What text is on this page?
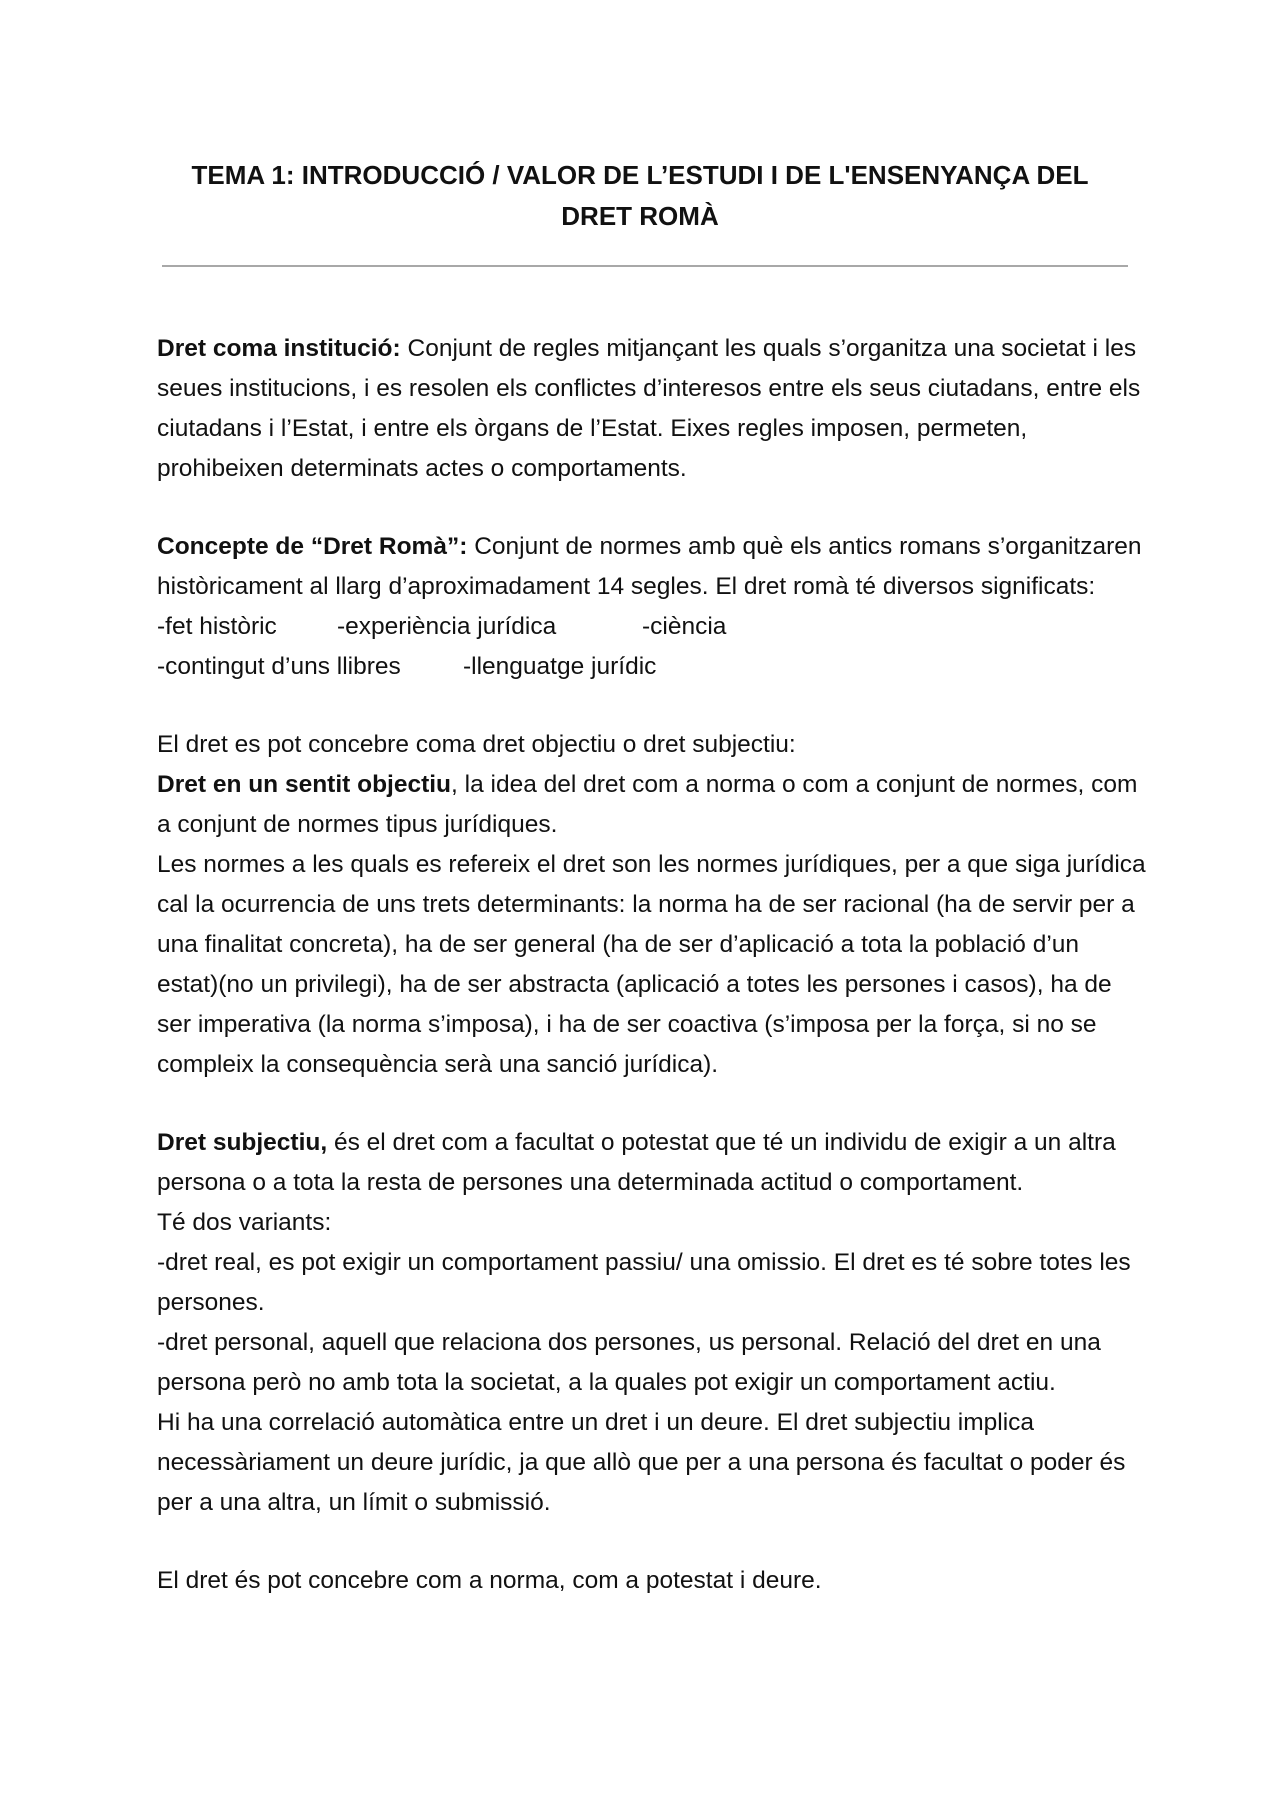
TEMA 1: INTRODUCCIÓ / VALOR DE L’ESTUDI I DE L'ENSENYANÇA DEL DRET ROMÀ

Dret coma institució: Conjunt de regles mitjançant les quals s’organitza una societat i les seues institucions, i es resolen els conflictes d’interesos entre els seus ciutadans, entre els ciutadans i l’Estat, i entre els òrgans de l’Estat. Eixes regles imposen, permeten, prohibeixen determinats actes o comportaments.

Concepte de “Dret Romà”: Conjunt de normes amb què els antics romans s’organitzaren històricament al llarg d’aproximadament 14 segles. El dret romà té diversos significats:

-fet històric -experiència jurídica	-ciència
-contingut d’uns llibres	-llenguatge jurídic

El dret es pot concebre coma dret objectiu o dret subjectiu:

Dret en un sentit objectiu, la idea del dret com a norma o com a conjunt de normes, com a conjunt de normes tipus jurídiques.

Les normes a les quals es refereix el dret son les normes jurídiques, per a que siga jurídica cal la ocurrencia de uns trets determinants: la norma ha de ser racional (ha de servir per a una finalitat concreta), ha de ser general (ha de ser d’aplicació a tota la població d’un estat)(no un privilegi), ha de ser abstracta (aplicació a totes les persones i casos), ha de ser imperativa (la norma s’imposa), i ha de ser coactiva (s’imposa per la força, si no se compleix la consequència serà una sanció jurídica).

Dret subjectiu, és el dret com a facultat o potestat que té un individu de exigir a un altra persona o a tota la resta de persones una determinada actitud o comportament.

Té dos variants:

-dret real, es pot exigir un comportament passiu/ una omissio. El dret es té sobre totes les persones.

-dret personal, aquell que relaciona dos persones, us personal. Relació del dret en una persona però no amb tota la societat, a la quales pot exigir un comportament actiu.

Hi ha una correlació automàtica entre un dret i un deure. El dret subjectiu implica necessàriament un deure jurídic, ja que allò que per a una persona és facultat o poder és per a una altra, un límit o submissió.

El dret és pot concebre com a norma, com a potestat i deure.
